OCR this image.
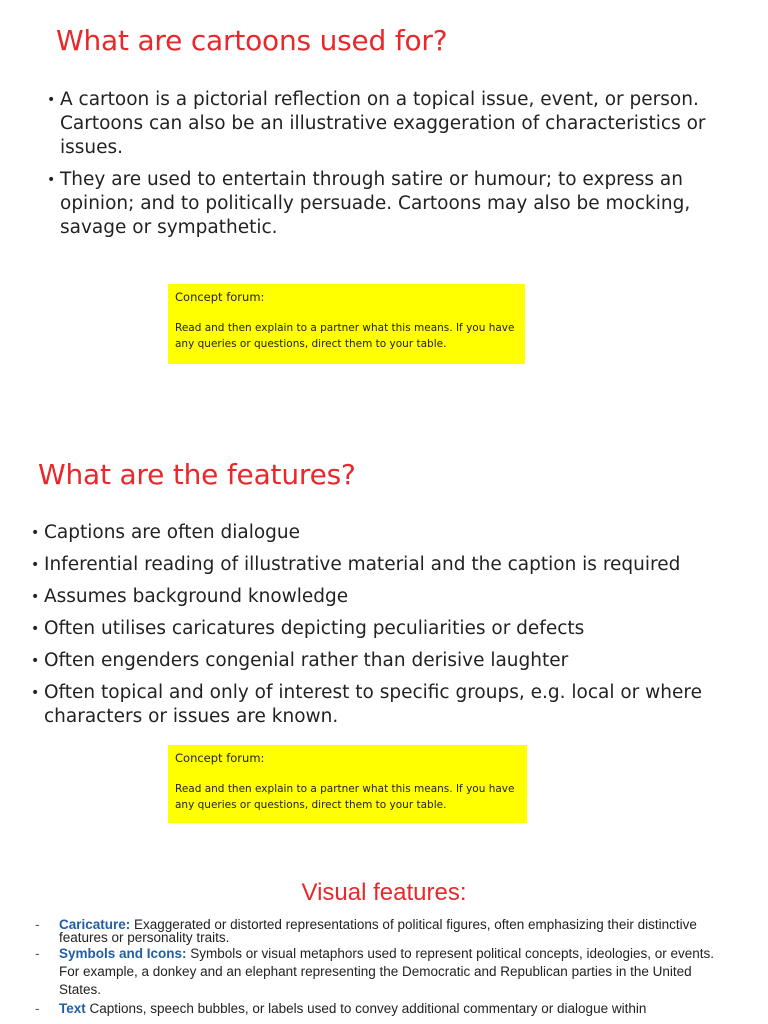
What are cartoons used for?
• A cartoon is a pictorial reflection on a topical issue, event, or person. Cartoons can also be an illustrative exaggeration of characteristics or issues.
• They are used to entertain through satire or humour; to express an opinion; and to politically persuade. Cartoons may also be mocking, savage or sympathetic.

Concept forum:

Read and then explain to a partner what this means. If you have any queries or questions, direct them to your table.

What are the features?
• Captions are often dialogue
• Inferential reading of illustrative material and the caption is required
• Assumes background knowledge
• Often utilises caricatures depicting peculiarities or defects
• Often engenders congenial rather than derisive laughter
• Often topical and only of interest to specific groups, e.g. local or where characters or issues are known.

Concept forum:

Read and then explain to a partner what this means. If you have any queries or questions, direct them to your table.

Visual features:
- Caricature: Exaggerated or distorted representations of political figures, often emphasizing their distinctive features or personality traits.
- Symbols and Icons: Symbols or visual metaphors used to represent political concepts, ideologies, or events. For example, a donkey and an elephant representing the Democratic and Republican parties in the United States.
- Text Captions, speech bubbles, or labels used to convey additional commentary or dialogue within
